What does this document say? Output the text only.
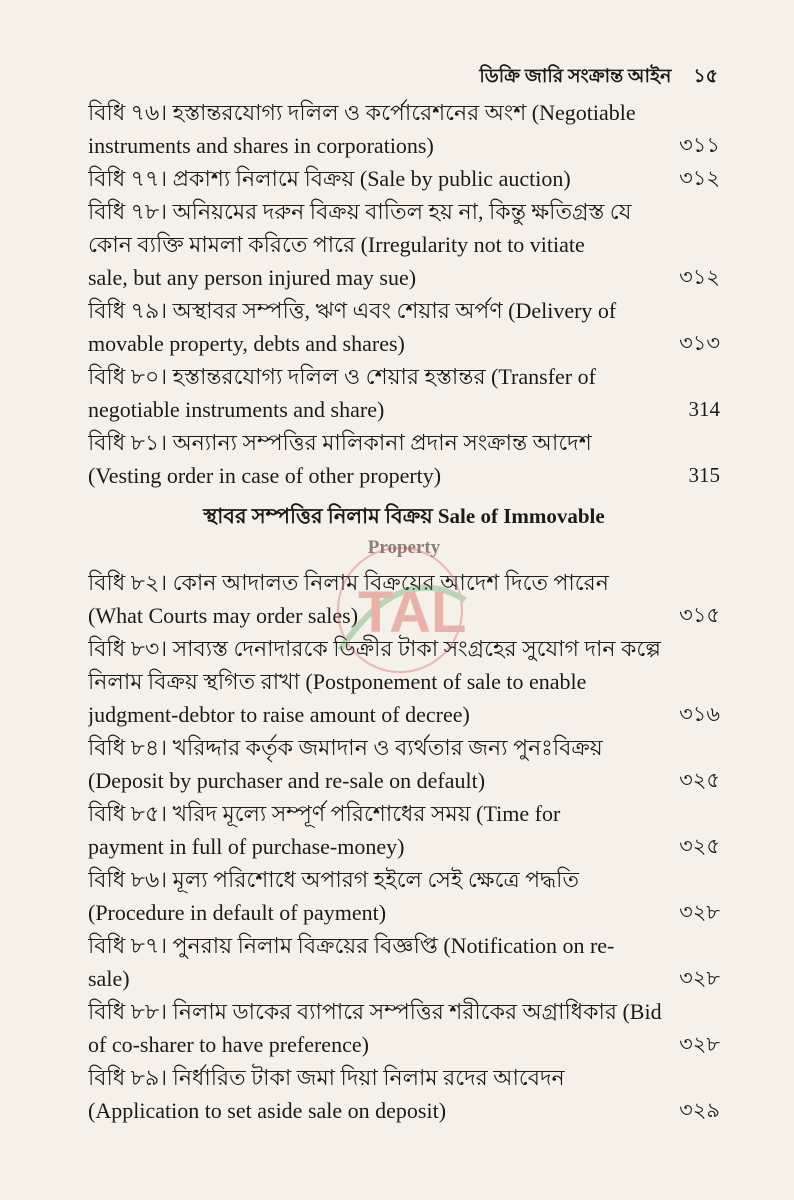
ডিক্রি জারি সংক্রান্ত আইন ১৫
বিধি ৭৬। হস্তান্তরযোগ্য দলিল ও কর্পোরেশনের অংশ (Negotiable
instruments and shares in corporations)	৩১১
বিধি ৭৭। প্রকাশ্য নিলামে বিক্রয় (Sale by public auction)	৩১২
বিধি ৭৮। অনিয়মের দরুন বিক্রয় বাতিল হয় না, কিন্তু ক্ষতিগ্রস্ত যে
কোন ব্যক্তি মামলা করিতে পারে (Irregularity not to vitiate
sale, but any person injured may sue)	৩১২
বিধি ৭৯। অস্থাবর সম্পত্তি, ঋণ এবং শেয়ার অর্পণ (Delivery of
movable property, debts and shares)	৩১৩
বিধি ৮০। হস্তান্তরযোগ্য দলিল ও শেয়ার হস্তান্তর (Transfer of
negotiable instruments and share)	314
বিধি ৮১। অন্যান্য সম্পত্তির মালিকানা প্রদান সংক্রান্ত আদেশ
(Vesting order in case of other property)	315
স্থাবর সম্পত্তির নিলাম বিক্রয় Sale of Immovable
Property
বিধি ৮২। কোন আদালত নিলাম বিক্রয়ের আদেশ দিতে পারেন
(What Courts may order sales)	৩১৫
বিধি ৮৩। সাব্যস্ত দেনাদারকে ডিক্রীর টাকা সংগ্রহের সুযোগ দান কল্পে
নিলাম বিক্রয় স্থগিত রাখা (Postponement of sale to enable
judgment-debtor to raise amount of decree)	৩১৬
বিধি ৮৪। খরিদ্দার কর্তৃক জমাদান ও ব্যর্থতার জন্য পুনঃবিক্রয়
(Deposit by purchaser and re-sale on default)	৩২৫
বিধি ৮৫। খরিদ মূল্যে সম্পূর্ণ পরিশোধের সময় (Time for
payment in full of purchase-money)	৩২৫
বিধি ৮৬। মূল্য পরিশোধে অপারগ হইলে সেই ক্ষেত্রে পদ্ধতি
(Procedure in default of payment)	৩২৮
বিধি ৮৭। পুনরায় নিলাম বিক্রয়ের বিজ্ঞপ্তি (Notification on re-
sale)	৩২৮
বিধি ৮৮। নিলাম ডাকের ব্যাপারে সম্পত্তির শরীকের অগ্রাধিকার (Bid
of co-sharer to have preference)	৩২৮
বিধি ৮৯। নির্ধারিত টাকা জমা দিয়া নিলাম রদের আবেদন
(Application to set aside sale on deposit)	৩২৯
TAL
